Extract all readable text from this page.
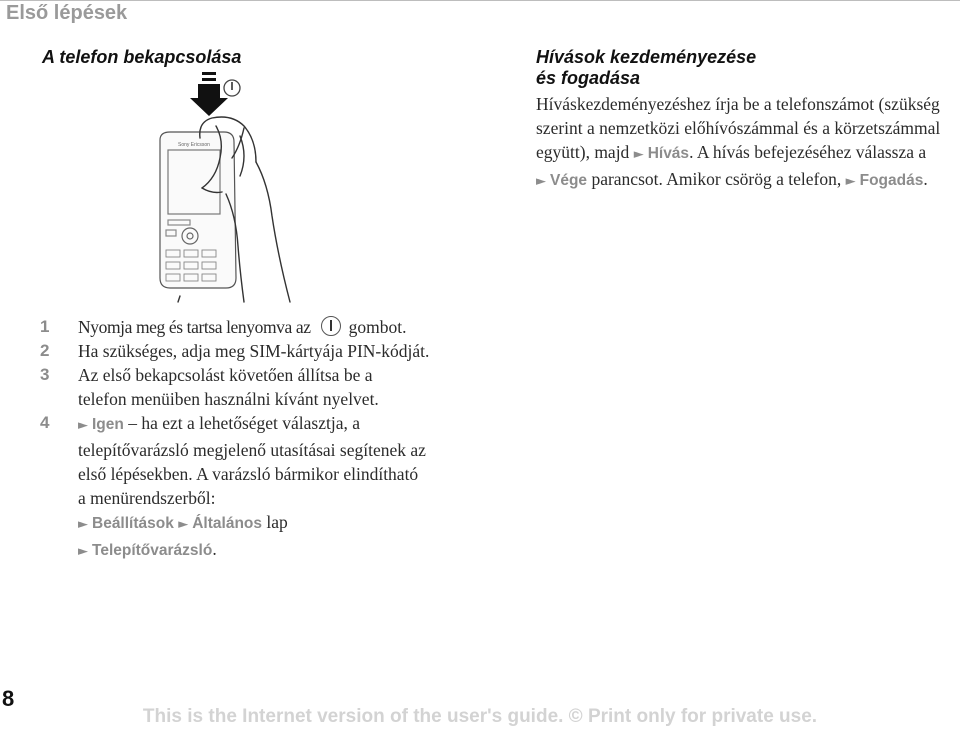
Első lépések
A telefon bekapcsolása
Sony Ericsson
1 Nyomja meg és tartsa lenyomva az gombot.
2 Ha szükséges, adja meg SIM-kártyája PIN-kódját.
3 Az első bekapcsolást követően állítsa be a telefon menüiben használni kívánt nyelvet.
4 ► Igen – ha ezt a lehetőséget választja, a telepítővarázsló megjelenő utasításai segítenek az első lépésekben. A varázsló bármikor elindítható a menürendszerből:
► Beállítások ► Általános lap
► Telepítővarázsló.
Hívások kezdeményezése
és fogadása
Híváskezdeményezéshez írja be a telefonszámot (szükség szerint a nemzetközi előhívószámmal és a körzetszámmal együtt), majd ► Hívás. A hívás befejezéséhez válassza a ► Vége parancsot. Amikor csörög a telefon, ► Fogadás.
8
This is the Internet version of the user's guide. © Print only for private use.
